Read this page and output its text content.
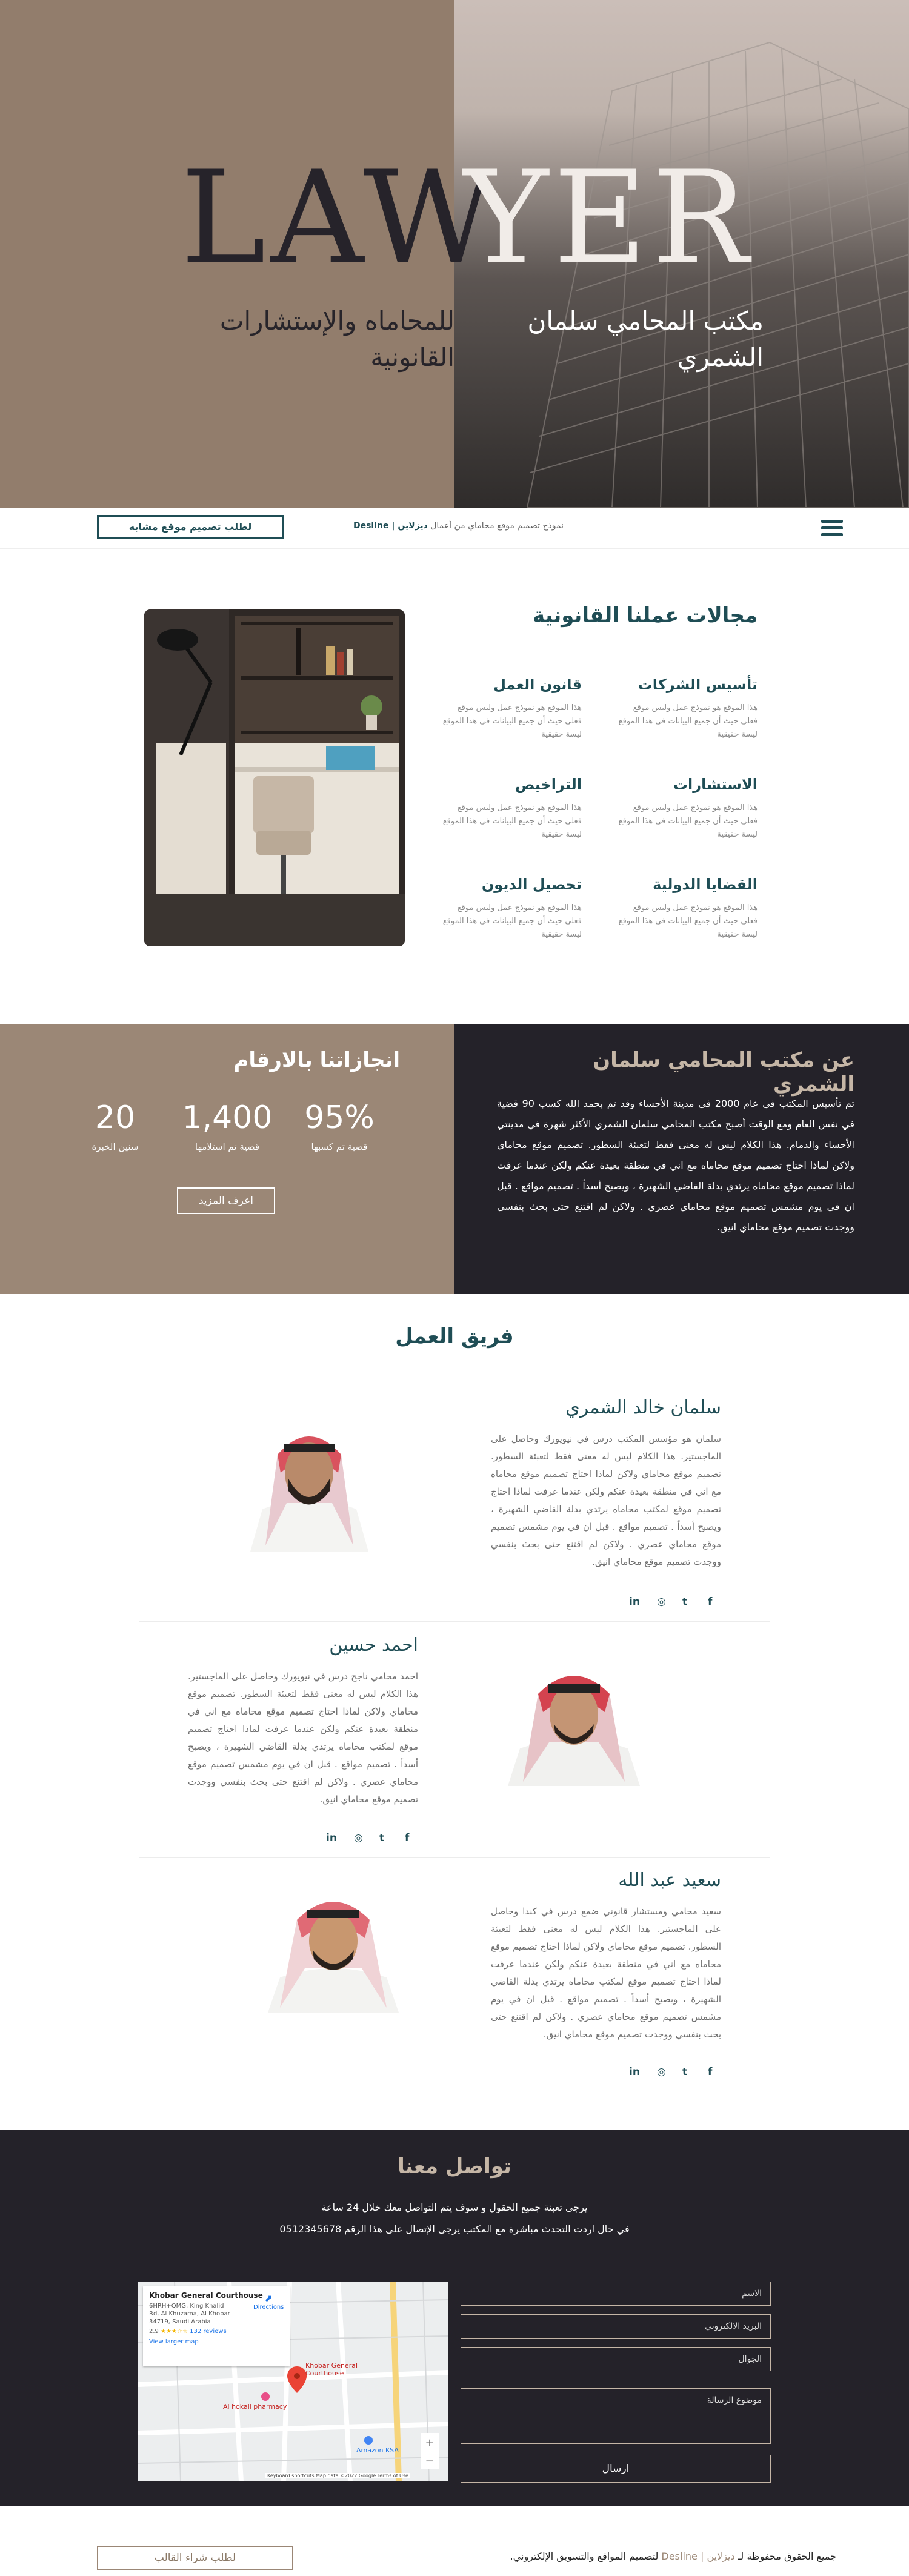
LAW
YER
مكتب المحامي سلمان الشمري
للمحاماه والإستشارات القانونية
نموذج تصميم موقع محاماي من أعمال ديزلاين | Desline
لطلب تصميم موقع مشابه
مجالات عملنا القانونية
تأسيس الشركات

هذا الموقع هو نموذج عمل وليس موقع فعلي حيث أن جميع البيانات في هذا الموقع ليسة حقيقية

قانون العمل

هذا الموقع هو نموذج عمل وليس موقع فعلي حيث أن جميع البيانات في هذا الموقع ليسة حقيقية

الاستشارات

هذا الموقع هو نموذج عمل وليس موقع فعلي حيث أن جميع البيانات في هذا الموقع ليسة حقيقية

التراخيص

هذا الموقع هو نموذج عمل وليس موقع فعلي حيث أن جميع البيانات في هذا الموقع ليسة حقيقية

القضايا الدولية

هذا الموقع هو نموذج عمل وليس موقع فعلي حيث أن جميع البيانات في هذا الموقع ليسة حقيقية

تحصيل الديون

هذا الموقع هو نموذج عمل وليس موقع فعلي حيث أن جميع البيانات في هذا الموقع ليسة حقيقية

عن مكتب المحامي سلمان الشمري

تم تأسيس المكتب في عام 2000 في مدينة الأحساء وقد تم بحمد الله كسب 90 قضية في نفس العام ومع الوقت أصبح مكتب المحامي سلمان الشمري الأكثر شهرة في مدينتي الأحساء والدمام. هذا الكلام ليس له معنى فقط لتعبئة السطور. تصميم موقع محاماي ولاكن لماذا احتاج تصميم موقع محاماه مع اني في منطقة بعيدة عنكم ولكن عندما عرفت لماذا تصميم موقع محاماه يرتدي بدلة القاضي الشهيرة ، ويصبح أسداً . تصميم مواقع . قبل ان في يوم مشمس تصميم موقع محاماي عصري . ولاكن لم اقتنع حتى بحث بنفسي ووجدت تصميم موقع محاماي انيق.

انجازاتنا بالارقام
95%
قضية تم كسبها
1,400
قضية تم استلامها
20
سنين الخبرة
اعرف المزيد
فريق العمل
سلمان خالد الشمري

سلمان هو مؤسس المكتب درس في نيويورك وحاصل على الماجستير. هذا الكلام ليس له معنى فقط لتعبئة السطور. تصميم موقع محاماي ولاكن لماذا احتاج تصميم موقع محاماه مع اني في منطقة بعيدة عنكم ولكن عندما عرفت لماذا احتاج تصميم موقع لمكتب محاماه يرتدي بدلة القاضي الشهيرة ، ويصبح أسداً . تصميم مواقع . قبل ان في يوم مشمس تصميم موقع محاماي عصري . ولاكن لم اقتنع حتى بحث بنفسي ووجدت تصميم موقع محاماي انيق.

f
t
◎
in
احمد حسين

احمد محامي ناجح درس في نيويورك وحاصل على الماجستير. هذا الكلام ليس له معنى فقط لتعبئة السطور. تصميم موقع محاماي ولاكن لماذا احتاج تصميم موقع محاماه مع اني في منطقة بعيدة عنكم ولكن عندما عرفت لماذا احتاج تصميم موقع لمكتب محاماه يرتدي بدلة القاضي الشهيرة ، ويصبح أسداً . تصميم مواقع . قبل ان في يوم مشمس تصميم موقع محاماي عصري . ولاكن لم اقتنع حتى بحث بنفسي ووجدت تصميم موقع محاماي انيق.

f
t
◎
in
سعيد عبد الله

سعيد محامي ومستشار قانوني ضمع درس في كندا وحاصل على الماجستير. هذا الكلام ليس له معنى فقط لتعبئة السطور. تصميم موقع محاماي ولاكن لماذا احتاج تصميم موقع محاماه مع اني في منطقة بعيدة عنكم ولكن عندما عرفت لماذا احتاج تصميم موقع لمكتب محاماه يرتدي بدلة القاضي الشهيرة ، ويصبح أسداً . تصميم مواقع . قبل ان في يوم مشمس تصميم موقع محاماي عصري . ولاكن لم اقتنع حتى بحث بنفسي ووجدت تصميم موقع محاماي انيق.

f
t
◎
in
تواصل معنا

يرجى تعبئة جميع الحقول و سوف يتم التواصل معك خلال 24 ساعة

في حال اردت التحدث مباشرة مع المكتب يرجى الإتصال على هذا الرقم 0512345678

الاسم
البريد الالكتروني
الجوال
موضوع الرسالة
ارسال
+
−
Khobar General Courthouse
6HRH+QMG, King Khalid Rd, Al Khuzama, Al Khobar 34719, Saudi Arabia
2.9 ★★★☆☆ 132 reviews
View larger map
⬈
Directions
Khobar General Courthouse
Al hokail pharmacy
Amazon KSA
Keyboard shortcuts Map data ©2022 Google Terms of Use
جميع الحقوق محفوظة لـ ديزلاين | Desline لتصميم المواقع والتسويق الإلكتروني.
لطلب شراء القالب
